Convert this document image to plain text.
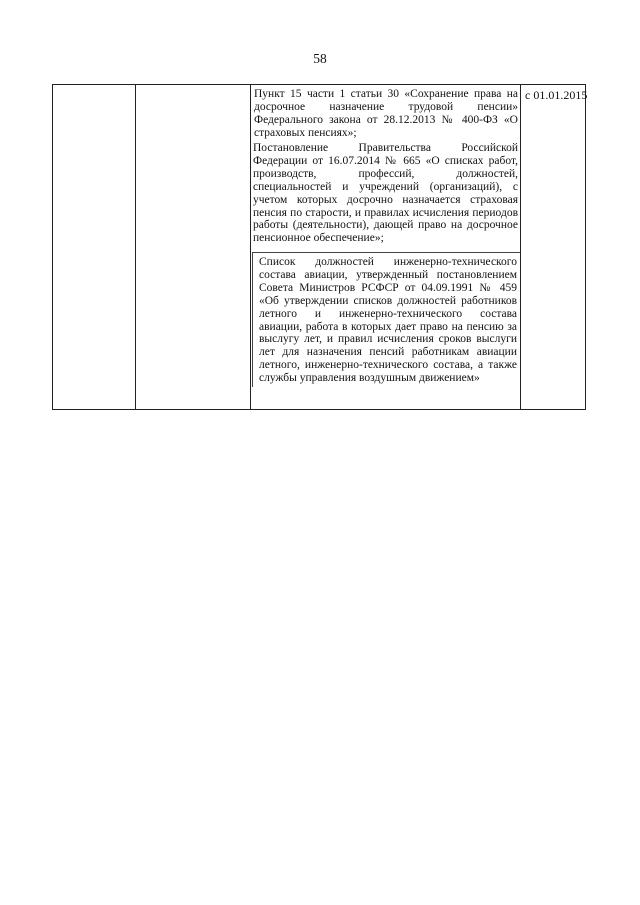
58
Пункт 15 части 1 статьи 30 «Сохранение права на досрочное назначение трудовой пенсии» Федерального закона от 28.12.2013 № 400-ФЗ «О страховых пенсиях»;
Постановление Правительства Российской Федерации от 16.07.2014 № 665 «О списках работ, производств, профессий, должностей, специальностей и учреждений (организаций), с учетом которых досрочно назначается страховая пенсия по старости, и правилах исчисления периодов работы (деятельности), дающей право на досрочное пенсионное обеспечение»;
Список должностей инженерно-технического состава авиации, утвержденный постановлением Совета Министров РСФСР от 04.09.1991 № 459 «Об утверждении списков должностей работников летного и инженерно-технического состава авиации, работа в которых дает право на пенсию за выслугу лет, и правил исчисления сроков выслуги лет для назначения пенсий работникам авиации летного, инженерно-технического состава, а также службы управления воздушным движением»
с 01.01.2015
